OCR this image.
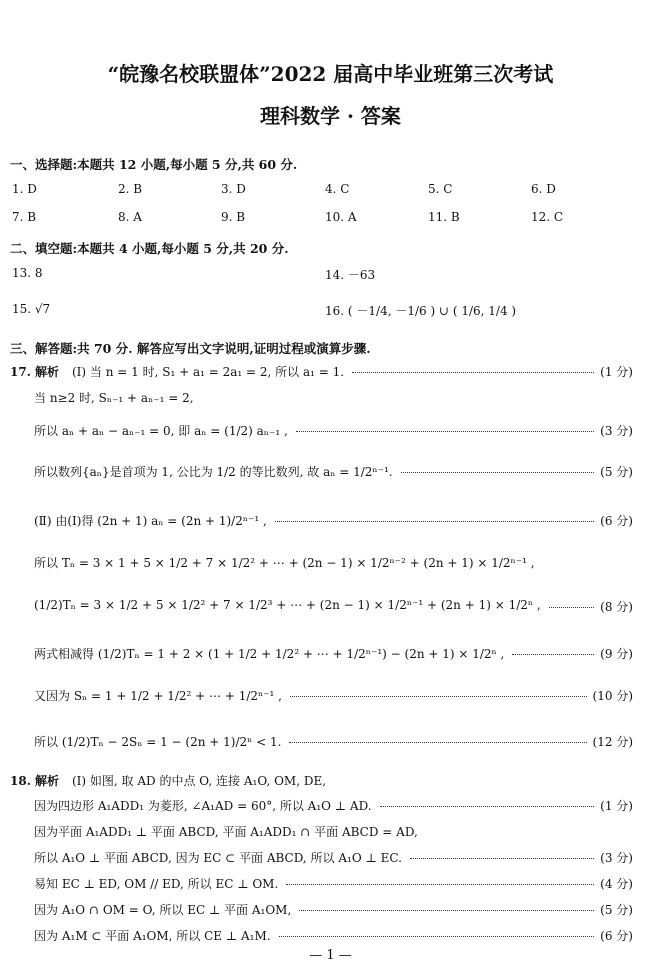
“皖豫名校联盟体”2022 届高中毕业班第三次考试
理科数学 · 答案
一、选择题:本题共 12 小题,每小题 5 分,共 60 分.
1. D	2. B	3. D	4. C	5. C	6. D
7. B	8. A	9. B	10. A	11. B	12. C
二、填空题:本题共 4 小题,每小题 5 分,共 20 分.
13. 8	14. －63
15. √7	16. ( －1/4, －1/6 ) ∪ ( 1/6, 1/4 )
三、解答题:共 70 分. 解答应写出文字说明,证明过程或演算步骤.
17. 解析 (Ⅰ) 当 n = 1 时, S₁ + a₁ = 2a₁ = 2, 所以 a₁ = 1.	(1 分)
当 n≥2 时, Sₙ₋₁ + aₙ₋₁ = 2,
所以 aₙ + aₙ − aₙ₋₁ = 0, 即 aₙ = (1/2) aₙ₋₁ ,	(3 分)
所以数列{aₙ}是首项为 1, 公比为 1/2 的等比数列, 故 aₙ = 1/2ⁿ⁻¹.	(5 分)
(Ⅱ) 由(Ⅰ)得 (2n + 1) aₙ = (2n + 1)/2ⁿ⁻¹ ,	(6 分)
所以 Tₙ = 3 × 1 + 5 × 1/2 + 7 × 1/2² + ⋯ + (2n − 1) × 1/2ⁿ⁻² + (2n + 1) × 1/2ⁿ⁻¹ ,
(1/2)Tₙ = 3 × 1/2 + 5 × 1/2² + 7 × 1/2³ + ⋯ + (2n − 1) × 1/2ⁿ⁻¹ + (2n + 1) × 1/2ⁿ ,	(8 分)
两式相减得 (1/2)Tₙ = 1 + 2 × (1 + 1/2 + 1/2² + ⋯ + 1/2ⁿ⁻¹) − (2n + 1) × 1/2ⁿ ,	(9 分)
又因为 Sₙ = 1 + 1/2 + 1/2² + ⋯ + 1/2ⁿ⁻¹ ,	(10 分)
所以 (1/2)Tₙ − 2Sₙ = 1 − (2n + 1)/2ⁿ < 1.	(12 分)
18. 解析 (Ⅰ) 如图, 取 AD 的中点 O, 连接 A₁O, OM, DE,
因为四边形 A₁ADD₁ 为菱形, ∠A₁AD = 60°, 所以 A₁O ⊥ AD.	(1 分)
因为平面 A₁ADD₁ ⊥ 平面 ABCD, 平面 A₁ADD₁ ∩ 平面 ABCD = AD,
所以 A₁O ⊥ 平面 ABCD, 因为 EC ⊂ 平面 ABCD, 所以 A₁O ⊥ EC.	(3 分)
易知 EC ⊥ ED, OM // ED, 所以 EC ⊥ OM.	(4 分)
因为 A₁O ∩ OM = O, 所以 EC ⊥ 平面 A₁OM,	(5 分)
因为 A₁M ⊂ 平面 A₁OM, 所以 CE ⊥ A₁M.	(6 分)
— 1 —
